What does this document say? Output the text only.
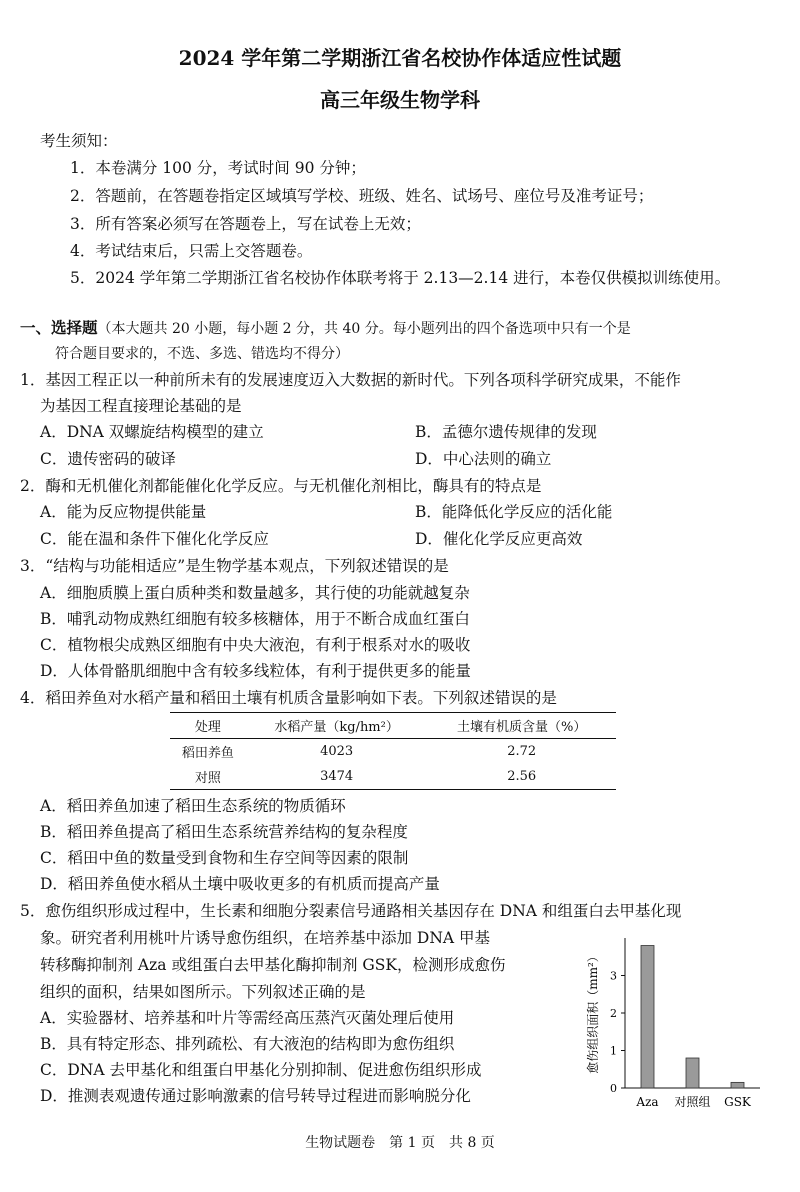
2024 学年第二学期浙江省名校协作体适应性试题
高三年级生物学科
考生须知：
1．本卷满分 100 分，考试时间 90 分钟；
2．答题前，在答题卷指定区域填写学校、班级、姓名、试场号、座位号及准考证号；
3．所有答案必须写在答题卷上，写在试卷上无效；
4．考试结束后，只需上交答题卷。
5．2024 学年第二学期浙江省名校协作体联考将于 2.13—2.14 进行，本卷仅供模拟训练使用。
一、选择题（本大题共 20 小题，每小题 2 分，共 40 分。每小题列出的四个备选项中只有一个是
符合题目要求的，不选、多选、错选均不得分）
1．基因工程正以一种前所未有的发展速度迈入大数据的新时代。下列各项科学研究成果，不能作
为基因工程直接理论基础的是
A．DNA 双螺旋结构模型的建立	B．孟德尔遗传规律的发现
C．遗传密码的破译	D．中心法则的确立
2．酶和无机催化剂都能催化化学反应。与无机催化剂相比，酶具有的特点是
A．能为反应物提供能量	B．能降低化学反应的活化能
C．能在温和条件下催化化学反应	D．催化化学反应更高效
3．“结构与功能相适应”是生物学基本观点，下列叙述错误的是
A．细胞质膜上蛋白质种类和数量越多，其行使的功能就越复杂
B．哺乳动物成熟红细胞有较多核糖体，用于不断合成血红蛋白
C．植物根尖成熟区细胞有中央大液泡，有利于根系对水的吸收
D．人体骨骼肌细胞中含有较多线粒体，有利于提供更多的能量
4．稻田养鱼对水稻产量和稻田土壤有机质含量影响如下表。下列叙述错误的是
处理	水稻产量（kg/hm²）	土壤有机质含量（%）
稻田养鱼	4023	2.72
对照	3474	2.56
A．稻田养鱼加速了稻田生态系统的物质循环
B．稻田养鱼提高了稻田生态系统营养结构的复杂程度
C．稻田中鱼的数量受到食物和生存空间等因素的限制
D．稻田养鱼使水稻从土壤中吸收更多的有机质而提高产量
5．愈伤组织形成过程中，生长素和细胞分裂素信号通路相关基因存在 DNA 和组蛋白去甲基化现
象。研究者利用桃叶片诱导愈伤组织，在培养基中添加 DNA 甲基
转移酶抑制剂 Aza 或组蛋白去甲基化酶抑制剂 GSK，检测形成愈伤
组织的面积，结果如图所示。下列叙述正确的是
A．实验器材、培养基和叶片等需经高压蒸汽灭菌处理后使用
B．具有特定形态、排列疏松、有大液泡的结构即为愈伤组织
C．DNA 去甲基化和组蛋白甲基化分别抑制、促进愈伤组织形成
D．推测表观遗传通过影响激素的信号转导过程进而影响脱分化
愈伤组织面积（mm²）
0
1
2
3
Aza 对照组 GSK
生物试题卷　第 1 页　共 8 页
